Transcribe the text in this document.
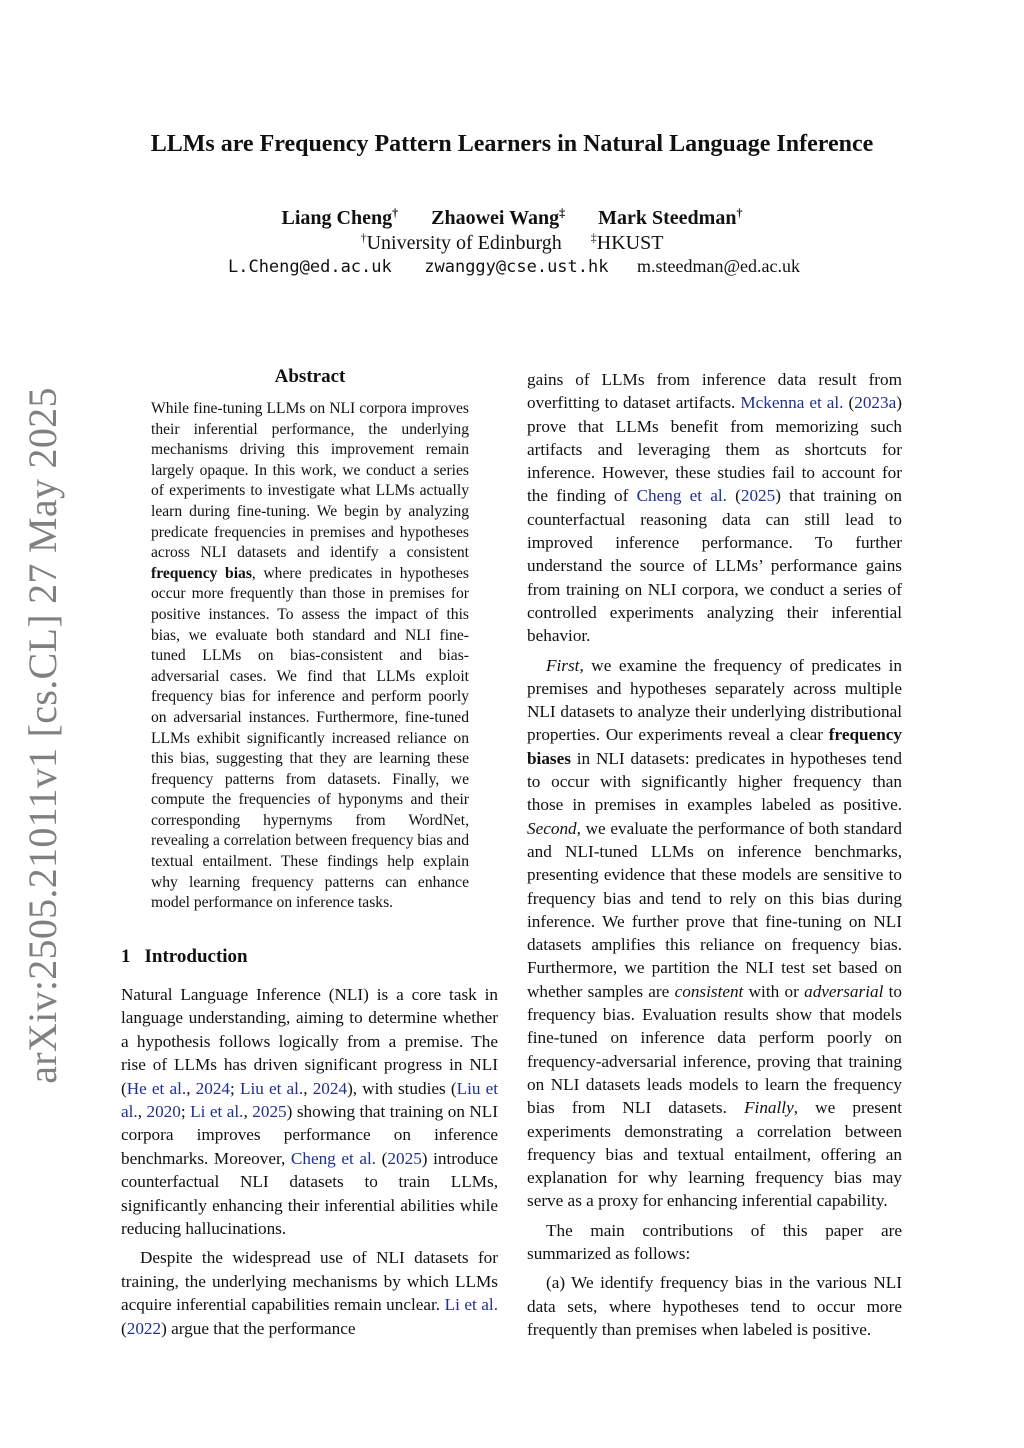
arXiv:2505.21011v1 [cs.CL] 27 May 2025
LLMs are Frequency Pattern Learners in Natural Language Inference
Liang Cheng† Zhaowei Wang‡ Mark Steedman†
†University of Edinburgh ‡HKUST
L.Cheng@ed.ac.uk zwanggy@cse.ust.hk m.steedman@ed.ac.uk
Abstract
While fine-tuning LLMs on NLI corpora improves their inferential performance, the underlying mechanisms driving this improvement remain largely opaque. In this work, we conduct a series of experiments to investigate what LLMs actually learn during fine-tuning. We begin by analyzing predicate frequencies in premises and hypotheses across NLI datasets and identify a consistent frequency bias, where predicates in hypotheses occur more frequently than those in premises for positive instances. To assess the impact of this bias, we evaluate both standard and NLI fine-tuned LLMs on bias-consistent and bias-adversarial cases. We find that LLMs exploit frequency bias for inference and perform poorly on adversarial instances. Furthermore, fine-tuned LLMs exhibit significantly increased reliance on this bias, suggesting that they are learning these frequency patterns from datasets. Finally, we compute the frequencies of hyponyms and their corresponding hypernyms from WordNet, revealing a correlation between frequency bias and textual entailment. These findings help explain why learning frequency patterns can enhance model performance on inference tasks.
1 Introduction

Natural Language Inference (NLI) is a core task in language understanding, aiming to determine whether a hypothesis follows logically from a premise. The rise of LLMs has driven significant progress in NLI (He et al., 2024; Liu et al., 2024), with studies (Liu et al., 2020; Li et al., 2025) showing that training on NLI corpora improves performance on inference benchmarks. Moreover, Cheng et al. (2025) introduce counterfactual NLI datasets to train LLMs, significantly enhancing their inferential abilities while reducing hallucinations.

Despite the widespread use of NLI datasets for training, the underlying mechanisms by which LLMs acquire inferential capabilities remain unclear. Li et al. (2022) argue that the performance

gains of LLMs from inference data result from overfitting to dataset artifacts. Mckenna et al. (2023a) prove that LLMs benefit from memorizing such artifacts and leveraging them as shortcuts for inference. However, these studies fail to account for the finding of Cheng et al. (2025) that training on counterfactual reasoning data can still lead to improved inference performance. To further understand the source of LLMs’ performance gains from training on NLI corpora, we conduct a series of controlled experiments analyzing their inferential behavior.

First, we examine the frequency of predicates in premises and hypotheses separately across multiple NLI datasets to analyze their underlying distributional properties. Our experiments reveal a clear frequency biases in NLI datasets: predicates in hypotheses tend to occur with significantly higher frequency than those in premises in examples labeled as positive. Second, we evaluate the performance of both standard and NLI-tuned LLMs on inference benchmarks, presenting evidence that these models are sensitive to frequency bias and tend to rely on this bias during inference. We further prove that fine-tuning on NLI datasets amplifies this reliance on frequency bias. Furthermore, we partition the NLI test set based on whether samples are consistent with or adversarial to frequency bias. Evaluation results show that models fine-tuned on inference data perform poorly on frequency-adversarial inference, proving that training on NLI datasets leads models to learn the frequency bias from NLI datasets. Finally, we present experiments demonstrating a correlation between frequency bias and textual entailment, offering an explanation for why learning frequency bias may serve as a proxy for enhancing inferential capability.

The main contributions of this paper are summarized as follows:

(a) We identify frequency bias in the various NLI data sets, where hypotheses tend to occur more frequently than premises when labeled is positive.
